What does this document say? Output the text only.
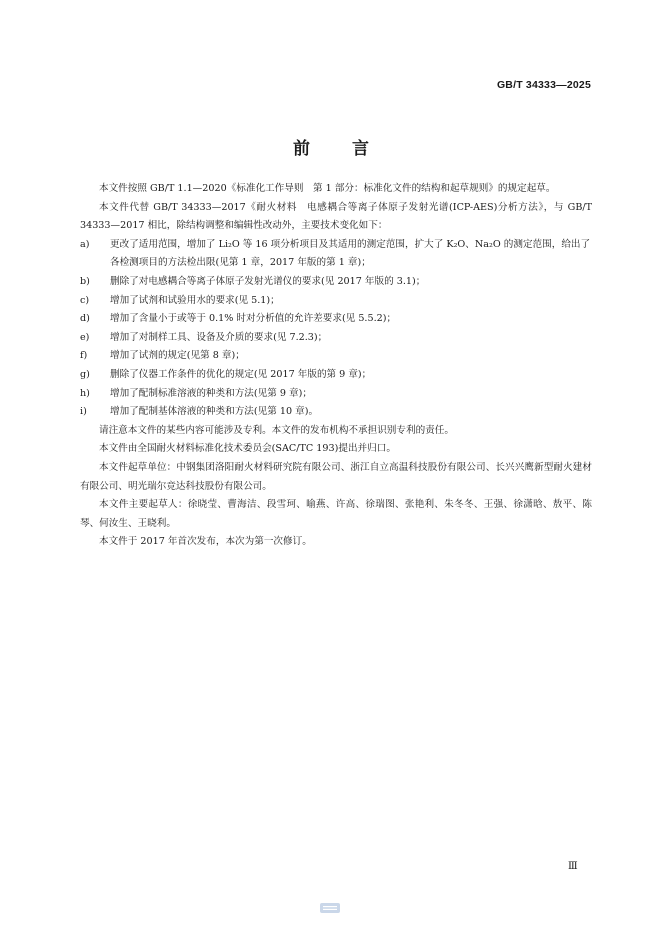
GB/T 34333—2025
前 言

本文件按照 GB/T 1.1—2020《标准化工作导则　第 1 部分：标准化文件的结构和起草规则》的规定起草。

本文件代替 GB/T 34333—2017《耐火材料　电感耦合等离子体原子发射光谱(ICP-AES)分析方法》，与 GB/T 34333—2017 相比，除结构调整和编辑性改动外，主要技术变化如下：

a) 更改了适用范围，增加了 Li₂O 等 16 项分析项目及其适用的测定范围，扩大了 K₂O、Na₂O 的测定范围，给出了各检测项目的方法检出限(见第 1 章，2017 年版的第 1 章)；

b) 删除了对电感耦合等离子体原子发射光谱仪的要求(见 2017 年版的 3.1)；

c) 增加了试剂和试验用水的要求(见 5.1)；

d) 增加了含量小于或等于 0.1% 时对分析值的允许差要求(见 5.5.2)；

e) 增加了对制样工具、设备及介质的要求(见 7.2.3)；

f) 增加了试剂的规定(见第 8 章)；

g) 删除了仪器工作条件的优化的规定(见 2017 年版的第 9 章)；

h) 增加了配制标准溶液的种类和方法(见第 9 章)；

i) 增加了配制基体溶液的种类和方法(见第 10 章)。

请注意本文件的某些内容可能涉及专利。本文件的发布机构不承担识别专利的责任。

本文件由全国耐火材料标准化技术委员会(SAC/TC 193)提出并归口。

本文件起草单位：中钢集团洛阳耐火材料研究院有限公司、浙江自立高温科技股份有限公司、长兴兴鹰新型耐火建材有限公司、明光瑞尔竞达科技股份有限公司。

本文件主要起草人：徐晓莹、曹海洁、段雪珂、喻燕、许高、徐瑞图、张艳利、朱冬冬、王强、徐潇晗、敖平、陈琴、何汝生、王晓利。

本文件于 2017 年首次发布，本次为第一次修订。

Ⅲ
